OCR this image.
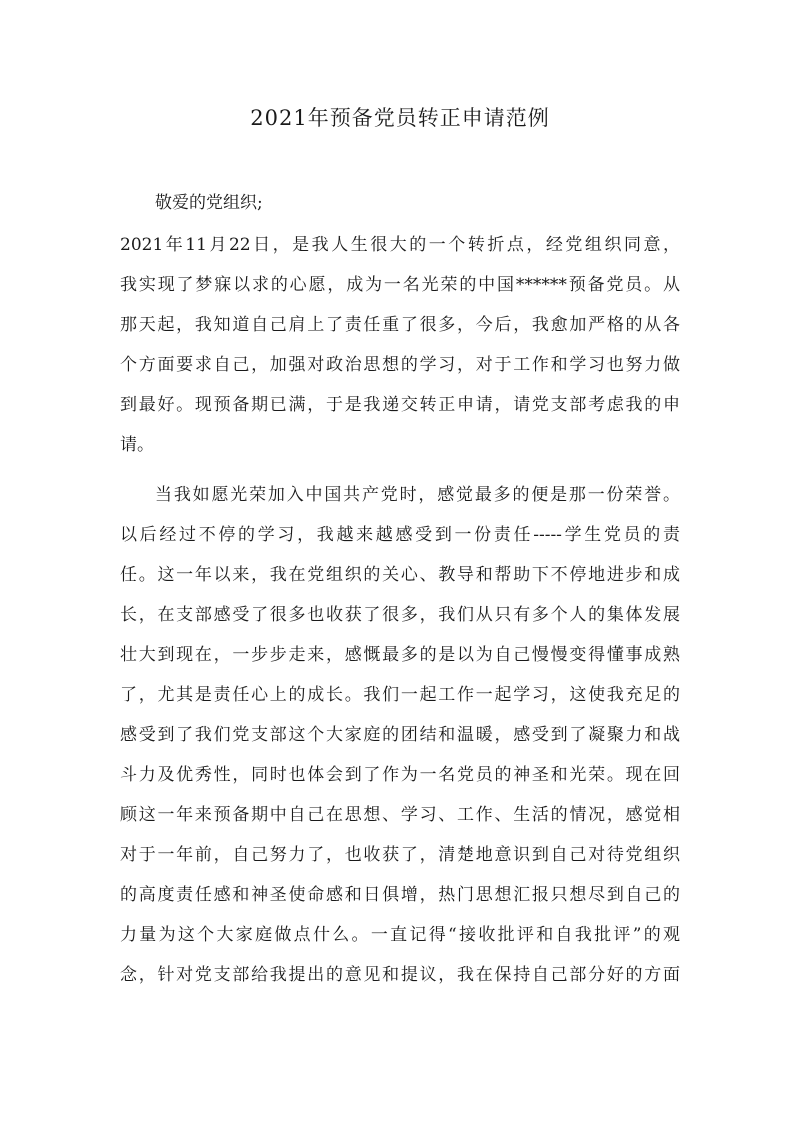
2021年预备党员转正申请范例
敬爱的党组织;
2021年11月22日，是我人生很大的一个转折点，经党组织同意，
我实现了梦寐以求的心愿，成为一名光荣的中国******预备党员。从
那天起，我知道自己肩上了责任重了很多，今后，我愈加严格的从各
个方面要求自己，加强对政治思想的学习，对于工作和学习也努力做
到最好。现预备期已满，于是我递交转正申请，请党支部考虑我的申
请。
当我如愿光荣加入中国共产党时，感觉最多的便是那一份荣誉。
以后经过不停的学习，我越来越感受到一份责任-----学生党员的责
任。这一年以来，我在党组织的关心、教导和帮助下不停地进步和成
长，在支部感受了很多也收获了很多，我们从只有多个人的集体发展
壮大到现在，一步步走来，感慨最多的是以为自己慢慢变得懂事成熟
了，尤其是责任心上的成长。我们一起工作一起学习，这使我充足的
感受到了我们党支部这个大家庭的团结和温暖，感受到了凝聚力和战
斗力及优秀性，同时也体会到了作为一名党员的神圣和光荣。现在回
顾这一年来预备期中自己在思想、学习、工作、生活的情况，感觉相
对于一年前，自己努力了，也收获了，清楚地意识到自己对待党组织
的高度责任感和神圣使命感和日俱增，热门思想汇报只想尽到自己的
力量为这个大家庭做点什么。一直记得“接收批评和自我批评”的观
念，针对党支部给我提出的意见和提议，我在保持自己部分好的方面
